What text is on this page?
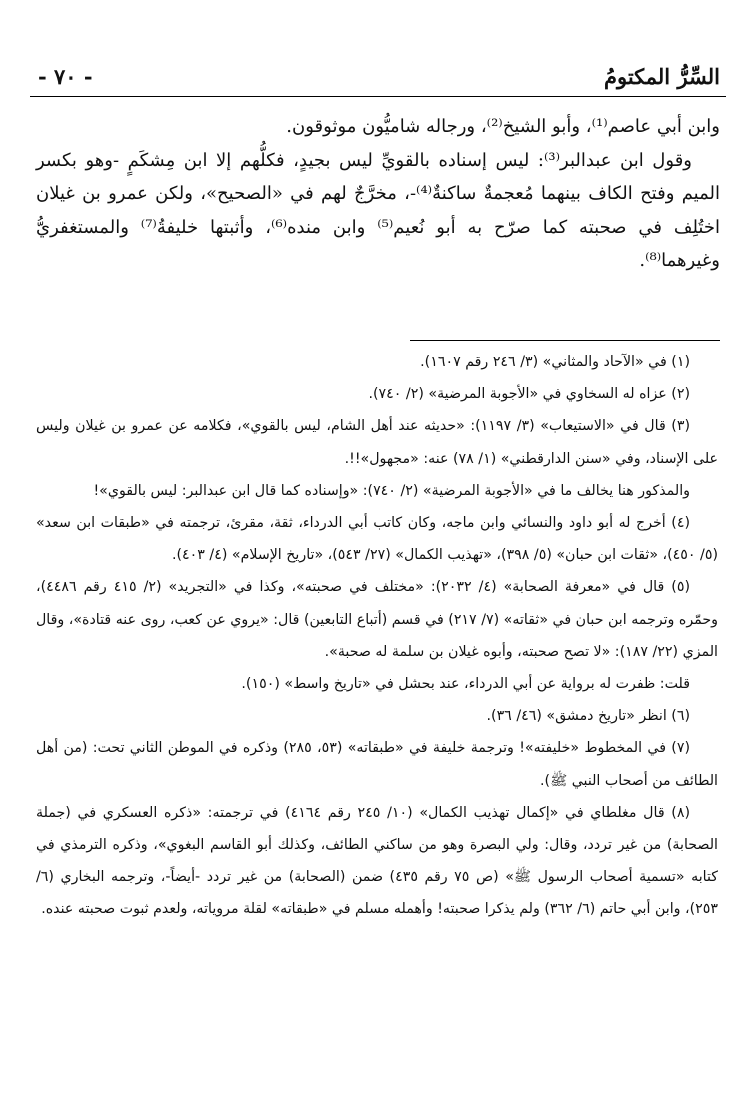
السِّرُّ المكتومُ
- ٧٠ -

وابن أبي عاصم⁽¹⁾، وأبو الشيخ⁽²⁾، ورجاله شاميُّون موثوقون.

وقول ابن عبدالبر⁽³⁾: ليس إسناده بالقويِّ ليس بجيدٍ، فكلُّهم إلا ابن مِشكَمٍ -وهو بكسر الميم وفتح الكاف بينهما مُعجمةٌ ساكنةٌ⁽⁴⁾-، مخرَّجٌ لهم في «الصحيح»، ولكن عمرو بن غيلان اختُلِف في صحبته كما صرّح به أبو نُعيم⁽⁵⁾ وابن منده⁽⁶⁾، وأثبتها خليفةُ⁽⁷⁾ والمستغفريُّ وغيرهما⁽⁸⁾.

(١) في «الآحاد والمثاني» (٣/ ٢٤٦ رقم ١٦٠٧).

(٢) عزاه له السخاوي في «الأجوبة المرضية» (٢/ ٧٤٠).

(٣) قال في «الاستيعاب» (٣/ ١١٩٧): «حديثه عند أهل الشام، ليس بالقوي»، فكلامه عن عمرو بن غيلان وليس على الإسناد، وفي «سنن الدارقطني» (١/ ٧٨) عنه: «مجهول»!!.

والمذكور هنا يخالف ما في «الأجوبة المرضية» (٢/ ٧٤٠): «وإسناده كما قال ابن عبدالبر: ليس بالقوي»!

(٤) أخرج له أبو داود والنسائي وابن ماجه، وكان كاتب أبي الدرداء، ثقة، مقرئ، ترجمته في «طبقات ابن سعد» (٥/ ٤٥٠)، «ثقات ابن حبان» (٥/ ٣٩٨)، «تهذيب الكمال» (٢٧/ ٥٤٣)، «تاريخ الإسلام» (٤/ ٤٠٣).

(٥) قال في «معرفة الصحابة» (٤/ ٢٠٣٢): «مختلف في صحبته»، وكذا في «التجريد» (٢/ ٤١٥ رقم ٤٤٨٦)، وحمّره وترجمه ابن حبان في «ثقاته» (٧/ ٢١٧) في قسم (أتباع التابعين) قال: «يروي عن كعب، روى عنه قتادة»، وقال المزي (٢٢/ ١٨٧): «لا تصح صحبته، وأبوه غيلان بن سلمة له صحبة».

قلت: ظفرت له برواية عن أبي الدرداء، عند بحشل في «تاريخ واسط» (١٥٠).

(٦) انظر «تاريخ دمشق» (٤٦/ ٣٦).

(٧) في المخطوط «خليفته»! وترجمة خليفة في «طبقاته» (٥٣، ٢٨٥) وذكره في الموطن الثاني تحت: (من أهل الطائف من أصحاب النبي ﷺ).

(٨) قال مغلطاي في «إكمال تهذيب الكمال» (١٠/ ٢٤٥ رقم ٤١٦٤) في ترجمته: «ذكره العسكري في (جملة الصحابة) من غير تردد، وقال: ولي البصرة وهو من ساكني الطائف، وكذلك أبو القاسم البغوي»، وذكره الترمذي في كتابه «تسمية أصحاب الرسول ﷺ» (ص ٧٥ رقم ٤٣٥) ضمن (الصحابة) من غير تردد -أيضاً-، وترجمه البخاري (٦/ ٢٥٣)، وابن أبي حاتم (٦/ ٣٦٢) ولم يذكرا صحبته! وأهمله مسلم في «طبقاته» لقلة مروياته، ولعدم ثبوت صحبته عنده.
